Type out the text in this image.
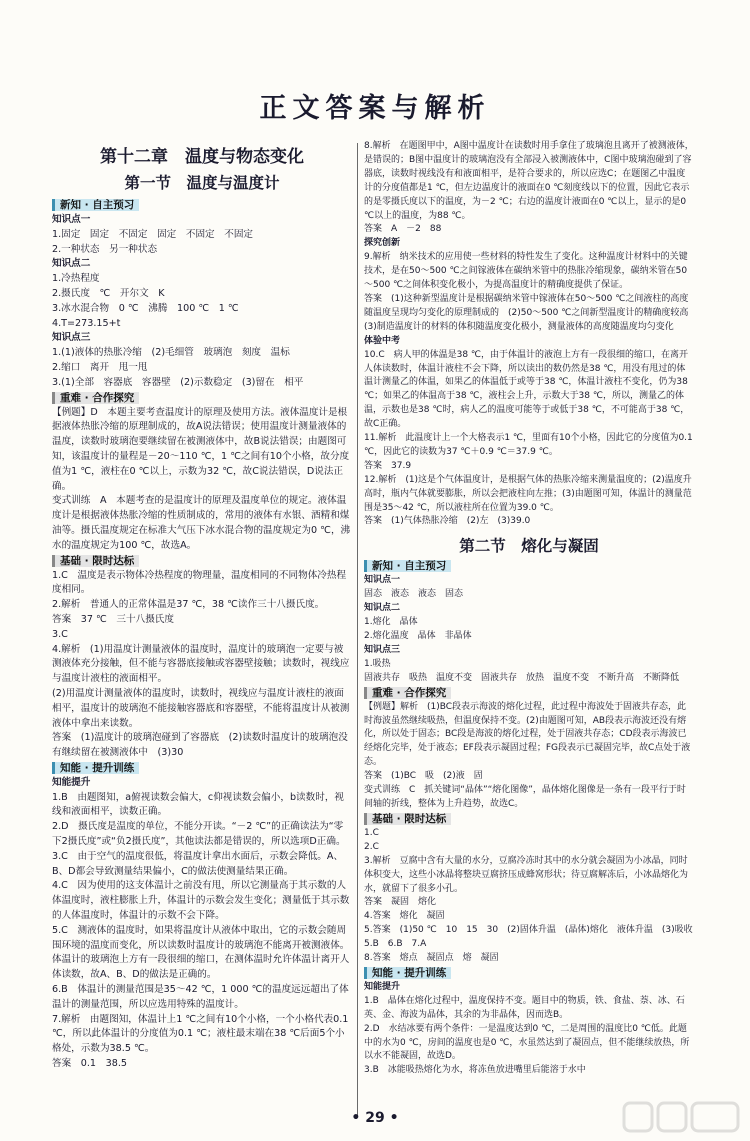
正文答案与解析
第十二章　温度与物态变化
第一节　温度与温度计
新知 · 自主预习
知识点一
1.固定　固定　不固定　固定　不固定　不固定
2.一种状态　另一种状态
知识点二
1.冷热程度
2.摄氏度　℃　开尔文　K
3.冰水混合物　0 ℃　沸腾　100 ℃　1 ℃
4.T=273.15+t
知识点三
1.(1)液体的热胀冷缩　(2)毛细管　玻璃泡　刻度　温标
2.缩口　离开　甩一甩
3.(1)全部　容器底　容器壁　(2)示数稳定　(3)留在　相平
重难 · 合作探究
【例题】D　本题主要考查温度计的原理及使用方法。液体温度计是根据液体热胀冷缩的原理制成的，故A说法错误；使用温度计测量液体的温度，读数时玻璃泡要继续留在被测液体中，故B说法错误；由题图可知，该温度计的量程是－20～110 ℃，1 ℃之间有10个小格，故分度值为1 ℃，液柱在0 ℃以上，示数为32 ℃，故C说法错误，D说法正确。
变式训练　A　本题考查的是温度计的原理及温度单位的规定。液体温度计是根据液体热胀冷缩的性质制成的，常用的液体有水银、酒精和煤油等。摄氏温度规定在标准大气压下冰水混合物的温度规定为0 ℃，沸水的温度规定为100 ℃，故选A。
基础 · 限时达标
1.C　温度是表示物体冷热程度的物理量，温度相同的不同物体冷热程度相同。
2.解析　普通人的正常体温是37 ℃，38 ℃读作三十八摄氏度。
答案　37 ℃　三十八摄氏度
3.C
4.解析　(1)用温度计测量液体的温度时，温度计的玻璃泡一定要与被测液体充分接触，但不能与容器底接触或容器壁接触；读数时，视线应与温度计液柱的液面相平。
(2)用温度计测量液体的温度时，读数时，视线应与温度计液柱的液面相平，温度计的玻璃泡不能接触容器底和容器壁，不能将温度计从被测液体中拿出来读数。
答案　(1)温度计的玻璃泡碰到了容器底　(2)读数时温度计的玻璃泡没有继续留在被测液体中　(3)30
知能 · 提升训练
知能提升
1.B　由题图知，a俯视读数会偏大，c仰视读数会偏小，b读数时，视线和液面相平，读数正确。
2.D　摄氏度是温度的单位，不能分开读。“－2 ℃”的正确读法为“零下2摄氏度”或“负2摄氏度”，其他读法都是错误的，所以选项D正确。
3.C　由于空气的温度很低，将温度计拿出水面后，示数会降低。A、B、D都会导致测量结果偏小，C的做法使测量结果正确。
4.C　因为使用的这支体温计之前没有甩，所以它测量高于其示数的人体温度时，液柱膨胀上升，体温计的示数会发生变化；测量低于其示数的人体温度时，体温计的示数不会下降。
5.C　测液体的温度时，如果将温度计从液体中取出，它的示数会随周围环境的温度而变化，所以读数时温度计的玻璃泡不能离开被测液体。体温计的玻璃泡上方有一段很细的缩口，在测体温时允许体温计离开人体读数，故A、B、D的做法是正确的。
6.B　体温计的测量范围是35～42 ℃，1 000 ℃的温度远远超出了体温计的测量范围，所以应选用特殊的温度计。
7.解析　由题图知，体温计上1 ℃之间有10个小格，一个小格代表0.1 ℃，所以此体温计的分度值为0.1 ℃；液柱最末端在38 ℃后面5个小格处，示数为38.5 ℃。
答案　0.1　38.5
8.解析　在题图甲中，A图中温度计在读数时用手拿住了玻璃泡且离开了被测液体，是错误的；B图中温度计的玻璃泡没有全部浸入被测液体中，C图中玻璃泡碰到了容器底，读数时视线没有和液面相平，是符合要求的，所以应选C；在题图乙中温度计的分度值都是1 ℃，但左边温度计的液面在0 ℃刻度线以下的位置，因此它表示的是零摄氏度以下的温度，为－2 ℃；右边的温度计液面在0 ℃以上，显示的是0 ℃以上的温度，为88 ℃。
答案　A　－2　88
探究创新
9.解析　纳米技术的应用使一些材料的特性发生了变化。这种温度计材料中的关键技术，是在50～500 ℃之间镓液体在碳纳米管中的热胀冷缩现象，碳纳米管在50～500 ℃之间体积变化极小，为提高温度计的精确度提供了保证。
答案　(1)这种新型温度计是根据碳纳米管中镓液体在50～500 ℃之间液柱的高度随温度呈现均匀变化的原理制成的　(2)50～500 ℃之间新型温度计的精确度较高　(3)制造温度计的材料的体积随温度变化极小，测量液体的高度随温度均匀变化
体验中考
10.C　病人甲的体温是38 ℃，由于体温计的液泡上方有一段很细的缩口，在离开人体读数时，体温计液柱不会下降，所以读出的数仍然是38 ℃，用没有甩过的体温计测量乙的体温，如果乙的体温低于或等于38 ℃，体温计液柱不变化，仍为38 ℃；如果乙的体温高于38 ℃，液柱会上升，示数大于38 ℃，所以，测量乙的体温，示数也是38 ℃时，病人乙的温度可能等于或低于38 ℃，不可能高于38 ℃，故C正确。
11.解析　此温度计上一个大格表示1 ℃，里面有10个小格，因此它的分度值为0.1 ℃，因此它的读数为37 ℃＋0.9 ℃＝37.9 ℃。
答案　37.9
12.解析　(1)这是个气体温度计，是根据气体的热胀冷缩来测量温度的；(2)温度升高时，瓶内气体就要膨胀，所以会把液柱向左推；(3)由题图可知，体温计的测量范围是35～42 ℃，所以液柱所在位置为39.0 ℃。
答案　(1)气体热胀冷缩　(2)左　(3)39.0
第二节　熔化与凝固
新知 · 自主预习
知识点一
固态　液态　液态　固态
知识点二
1.熔化　晶体
2.熔化温度　晶体　非晶体
知识点三
1.吸热
固液共存　吸热　温度不变　固液共存　放热　温度不变　不断升高　不断降低
重难 · 合作探究
【例题】解析　(1)BC段表示海波的熔化过程，此过程中海波处于固液共存态，此时海波虽然继续吸热，但温度保持不变。(2)由题图可知，AB段表示海波还没有熔化，所以处于固态；BC段是海波的熔化过程，处于固液共存态；CD段表示海波已经熔化完毕，处于液态；EF段表示凝固过程；FG段表示已凝固完毕，故C点处于液态。
答案　(1)BC　吸　(2)液　固
变式训练　C　抓关键词“晶体”“熔化图像”，晶体熔化图像是一条有一段平行于时间轴的折线，整体为上升趋势，故选C。
基础 · 限时达标
1.C
2.C
3.解析　豆腐中含有大量的水分，豆腐冷冻时其中的水分就会凝固为小冰晶，同时体积变大，这些小冰晶将整块豆腐挤压成蜂窝形状；待豆腐解冻后，小冰晶熔化为水，就留下了很多小孔。
答案　凝固　熔化
4.答案　熔化　凝固
5.答案　(1)50 ℃　10　15　30　(2)固体升温　(晶体)熔化　液体升温　(3)吸收
5.B　6.B　7.A
8.答案　熔点　凝固点　熔　凝固
知能 · 提升训练
知能提升
1.B　晶体在熔化过程中，温度保持不变。题目中的物质，铁、食盐、萘、冰、石英、金、海波为晶体，其余的为非晶体，因而选B。
2.D　水结冰要有两个条件：一是温度达到0 ℃，二是周围的温度比0 ℃低。此题中的水为0 ℃，房间的温度也是0 ℃，水虽然达到了凝固点，但不能继续放热，所以水不能凝固，故选D。
3.B　冰能吸热熔化为水，将冻鱼放进嘴里后能溶于水中
• 29 •
